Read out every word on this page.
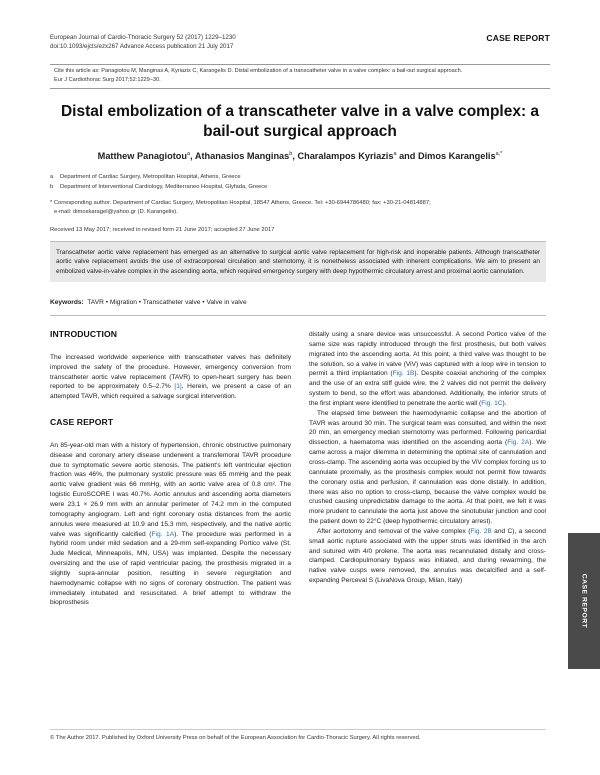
European Journal of Cardio-Thoracic Surgery 52 (2017) 1229–1230
doi:10.1093/ejcts/ezx267 Advance Access publication 21 July 2017
CASE REPORT
Cite this article as: Panagiotou M, Manginas A, Kyriazis C, Karangelis D. Distal embolization of a transcatheter valve in a valve complex: a bail-out surgical approach.
Eur J Cardiothorac Surg 2017;52:1229–30.
Distal embolization of a transcatheter valve in a valve complex: a bail-out surgical approach
Matthew Panagiotou$^a$, Athanasios Manginas$^b$, Charalampos Kyriazis$^a$ and Dimos Karangelis$^{a,*}$
a Department of Cardiac Surgery, Metropolitan Hospital, Athens, Greece
b Department of Interventional Cardiology, Mediterraneo Hospital, Glyfada, Greece
* Corresponding author. Department of Cardiac Surgery, Metropolitan Hospital, 18547 Athens, Greece. Tel: +30-6944786480; fax: +30-21-04814887;
e-mail: dimoskaragel@yahoo.gr (D. Karangelis).
Received 13 May 2017; received in revised form 21 June 2017; accepted 27 June 2017

Transcatheter aortic valve replacement has emerged as an alternative to surgical aortic valve replacement for high-risk and inoperable patients. Although transcatheter aortic valve replacement avoids the use of extracorporeal circulation and sternotomy, it is nonetheless associated with inherent complications. We aim to present an embolized valve-in-valve complex in the ascending aorta, which required emergency surgery with deep hypothermic circulatory arrest and proximal aortic cannulation.

Keywords: TAVR • Migration • Transcatheter valve • Valve in valve
INTRODUCTION

The increased worldwide experience with transcatheter valves has definitely improved the safety of the procedure. However, emergency conversion from transcatheter aortic valve replacement (TAVR) to open-heart surgery has been reported to be approximately 0.5–2.7% [1]. Herein, we present a case of an attempted TAVR, which required a salvage surgical intervention.

CASE REPORT

An 85-year-old man with a history of hypertension, chronic obstructive pulmonary disease and coronary artery disease underwent a transfemoral TAVR procedure due to symptomatic severe aortic stenosis. The patient's left ventricular ejection fraction was 46%, the pulmonary systolic pressure was 65 mmHg and the peak aortic valve gradient was 66 mmHg, with an aortic valve area of 0.8 cm². The logistic EuroSCORE I was 40.7%. Aortic annulus and ascending aorta diameters were 23.1 × 26.9 mm with an annular perimeter of 74.2 mm in the computed tomography angiogram. Left and right coronary ostia distances from the aortic annulus were measured at 10.9 and 15.3 mm, respectively, and the native aortic valve was significantly calcified (Fig. 1A). The procedure was performed in a hybrid room under mild sedation and a 29-mm self-expanding Portico valve (St. Jude Medical, Minneapolis, MN, USA) was implanted. Despite the necessary oversizing and the use of rapid ventricular pacing, the prosthesis migrated in a slightly supra-annular position, resulting in severe regurgitation and haemodynamic collapse with no signs of coronary obstruction. The patient was immediately intubated and resuscitated. A brief attempt to withdraw the bioprosthesis

distally using a snare device was unsuccessful. A second Portico valve of the same size was rapidly introduced through the first prosthesis, but both valves migrated into the ascending aorta. At this point, a third valve was thought to be the solution, so a valve in valve (ViV) was captured with a loop wire in tension to permit a third implantation (Fig. 1B). Despite coaxial anchoring of the complex and the use of an extra stiff guide wire, the 2 valves did not permit the delivery system to bend, so the effort was abandoned. Additionally, the inferior struts of the first implant were identified to penetrate the aortic wall (Fig. 1C).

The elapsed time between the haemodynamic collapse and the abortion of TAVR was around 30 min. The surgical team was consulted, and within the next 20 min, an emergency median sternotomy was performed. Following pericardial dissection, a haematoma was identified on the ascending aorta (Fig. 2A). We came across a major dilemma in determining the optimal site of cannulation and cross-clamp. The ascending aorta was occupied by the ViV complex forcing us to cannulate proximally, as the prosthesis complex would not permit flow towards the coronary ostia and perfusion, if cannulation was done distally. In addition, there was also no option to cross-clamp, because the valve complex would be crushed causing unpredictable damage to the aorta. At that point, we felt it was more prudent to cannulate the aorta just above the sinotubular junction and cool the patient down to 22°C (deep hypothermic circulatory arrest).

After aortotomy and removal of the valve complex (Fig. 2B and C), a second small aortic rupture associated with the upper struts was identified in the arch and sutured with 4/0 prolene. The aorta was recannulated distally and cross-clamped. Cardiopulmonary bypass was initiated, and during rewarming, the native valve cusps were removed, the annulus was decalcified and a self-expanding Perceval S (LivaNova Group, Milan, Italy)

© The Author 2017. Published by Oxford University Press on behalf of the European Association for Cardio-Thoracic Surgery. All rights reserved.
CASE REPORT
